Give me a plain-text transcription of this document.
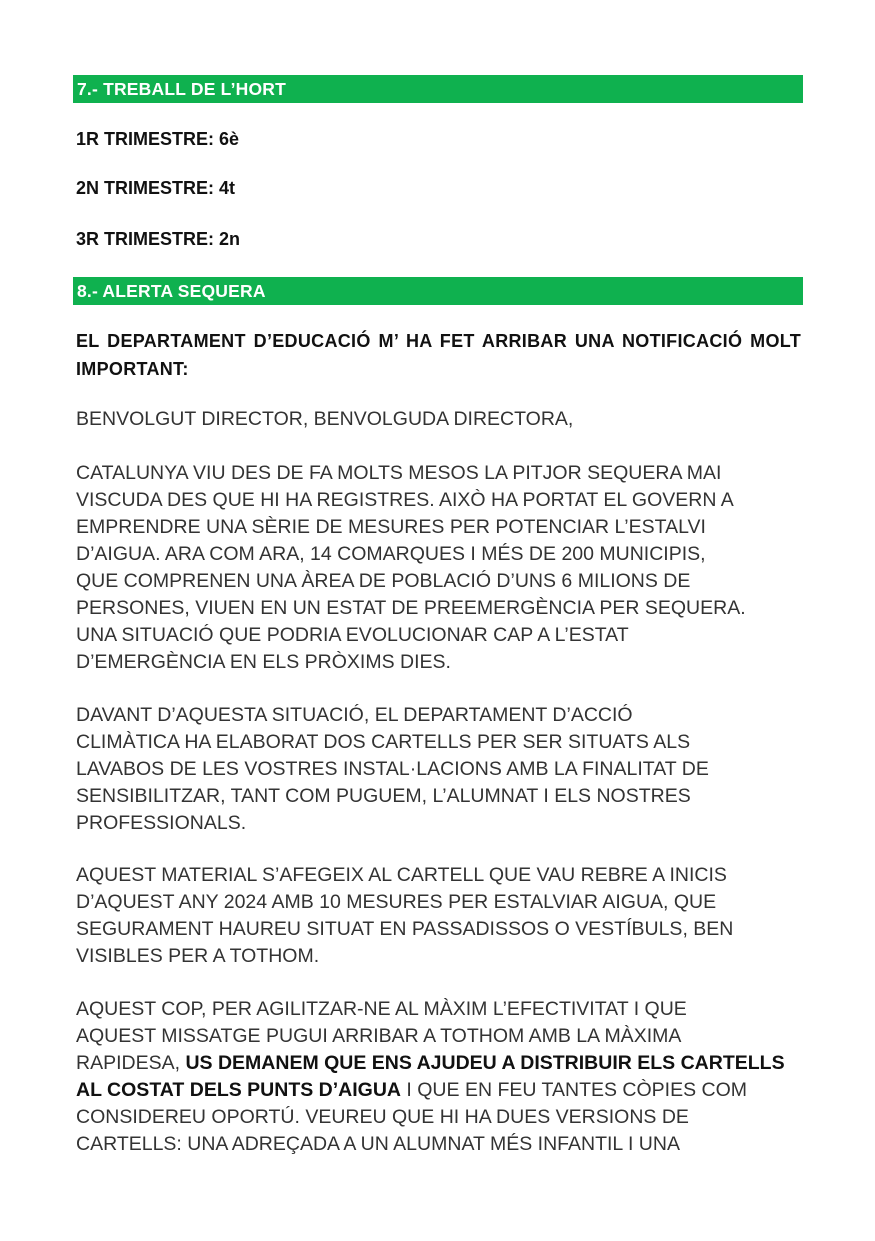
7.- TREBALL DE L’HORT
1R TRIMESTRE: 6è
2N TRIMESTRE: 4t
3R TRIMESTRE: 2n
8.- ALERTA SEQUERA
EL DEPARTAMENT D’EDUCACIÓ M’ HA FET ARRIBAR UNA NOTIFICACIÓ MOLT IMPORTANT:
BENVOLGUT DIRECTOR, BENVOLGUDA DIRECTORA,
CATALUNYA VIU DES DE FA MOLTS MESOS LA PITJOR SEQUERA MAI
VISCUDA DES QUE HI HA REGISTRES. AIXÒ HA PORTAT EL GOVERN A
EMPRENDRE UNA SÈRIE DE MESURES PER POTENCIAR L’ESTALVI
D’AIGUA. ARA COM ARA, 14 COMARQUES I MÉS DE 200 MUNICIPIS,
QUE COMPRENEN UNA ÀREA DE POBLACIÓ D’UNS 6 MILIONS DE
PERSONES, VIUEN EN UN ESTAT DE PREEMERGÈNCIA PER SEQUERA.
UNA SITUACIÓ QUE PODRIA EVOLUCIONAR CAP A L’ESTAT
D’EMERGÈNCIA EN ELS PRÒXIMS DIES.
DAVANT D’AQUESTA SITUACIÓ, EL DEPARTAMENT D’ACCIÓ
CLIMÀTICA HA ELABORAT DOS CARTELLS PER SER SITUATS ALS
LAVABOS DE LES VOSTRES INSTAL·LACIONS AMB LA FINALITAT DE
SENSIBILITZAR, TANT COM PUGUEM, L’ALUMNAT I ELS NOSTRES
PROFESSIONALS.
AQUEST MATERIAL S’AFEGEIX AL CARTELL QUE VAU REBRE A INICIS
D’AQUEST ANY 2024 AMB 10 MESURES PER ESTALVIAR AIGUA, QUE
SEGURAMENT HAUREU SITUAT EN PASSADISSOS O VESTÍBULS, BEN
VISIBLES PER A TOTHOM.
AQUEST COP, PER AGILITZAR-NE AL MÀXIM L’EFECTIVITAT I QUE
AQUEST MISSATGE PUGUI ARRIBAR A TOTHOM AMB LA MÀXIMA
RAPIDESA, US DEMANEM QUE ENS AJUDEU A DISTRIBUIR ELS CARTELLS
AL COSTAT DELS PUNTS D’AIGUA I QUE EN FEU TANTES CÒPIES COM
CONSIDEREU OPORTÚ. VEUREU QUE HI HA DUES VERSIONS DE
CARTELLS: UNA ADREÇADA A UN ALUMNAT MÉS INFANTIL I UNA
